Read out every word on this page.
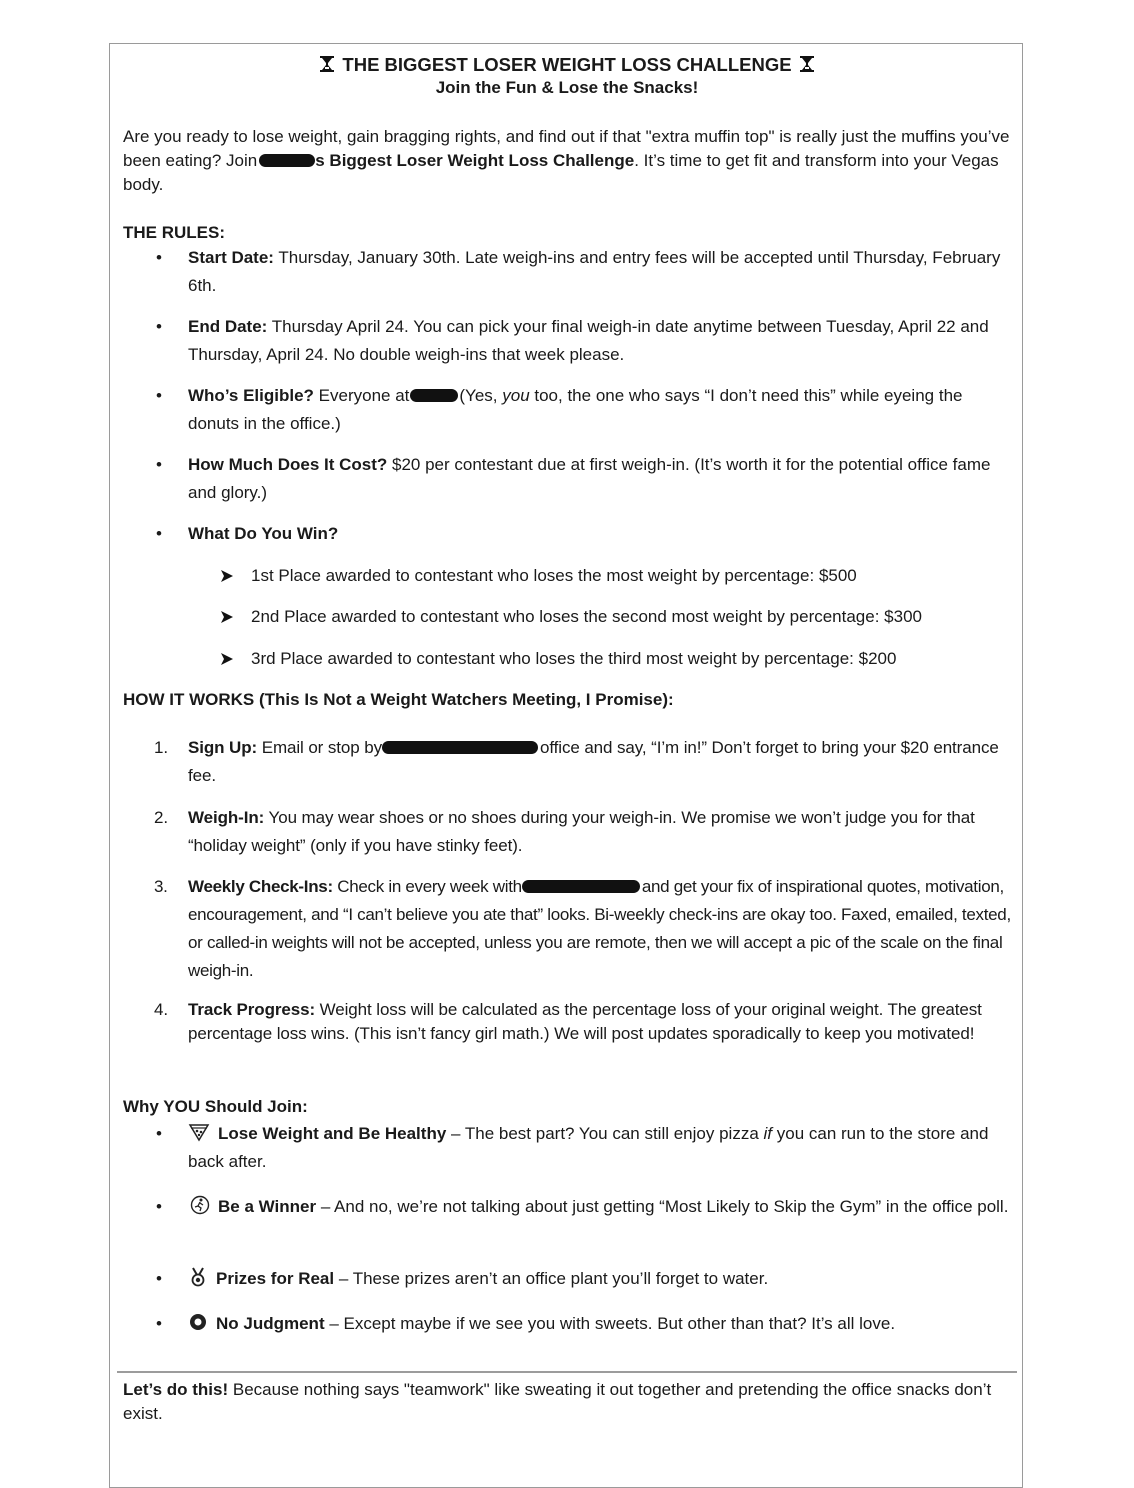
THE BIGGEST LOSER WEIGHT LOSS CHALLENGE
Join the Fun & Lose the Snacks!

Are you ready to lose weight, gain bragging rights, and find out if that "extra muffin top" is really just the muffins you’ve been eating? Join	s Biggest Loser Weight Loss Challenge. It’s time to get fit and transform into your Vegas body.

THE RULES:
• Start Date: Thursday, January 30th. Late weigh-ins and entry fees will be accepted until Thursday, February 6th.
• End Date: Thursday April 24. You can pick your final weigh-in date anytime between Tuesday, April 22 and Thursday, April 24. No double weigh-ins that week please.
• Who’s Eligible? Everyone at	(Yes, you too, the one who says “I don’t need this” while eyeing the donuts in the office.)
• How Much Does It Cost? $20 per contestant due at first weigh-in. (It’s worth it for the potential office fame and glory.)
• What Do You Win?
1st Place awarded to contestant who loses the most weight by percentage: $500
2nd Place awarded to contestant who loses the second most weight by percentage: $300
3rd Place awarded to contestant who loses the third most weight by percentage: $200
HOW IT WORKS (This Is Not a Weight Watchers Meeting, I Promise):
1. Sign Up: Email or stop by	office and say, “I’m in!” Don’t forget to bring your $20 entrance fee.
2. Weigh-In: You may wear shoes or no shoes during your weigh-in. We promise we won’t judge you for that “holiday weight” (only if you have stinky feet).
3. Weekly Check-Ins: Check in every week with	and get your fix of inspirational quotes, motivation, encouragement, and “I can’t believe you ate that” looks. Bi-weekly check-ins are okay too. Faxed, emailed, texted, or called-in weights will not be accepted, unless you are remote, then we will accept a pic of the scale on the final weigh-in.
4. Track Progress: Weight loss will be calculated as the percentage loss of your original weight. The greatest percentage loss wins. (This isn’t fancy girl math.) We will post updates sporadically to keep you motivated!
Why YOU Should Join:
•	Lose Weight and Be Healthy – The best part? You can still enjoy pizza if you can run to the store and back after.
•	Be a Winner – And no, we’re not talking about just getting “Most Likely to Skip the Gym” in the office poll.
•	Prizes for Real – These prizes aren’t an office plant you’ll forget to water.
•	No Judgment – Except maybe if we see you with sweets. But other than that? It’s all love.

Let’s do this! Because nothing says "teamwork" like sweating it out together and pretending the office snacks don’t exist.
